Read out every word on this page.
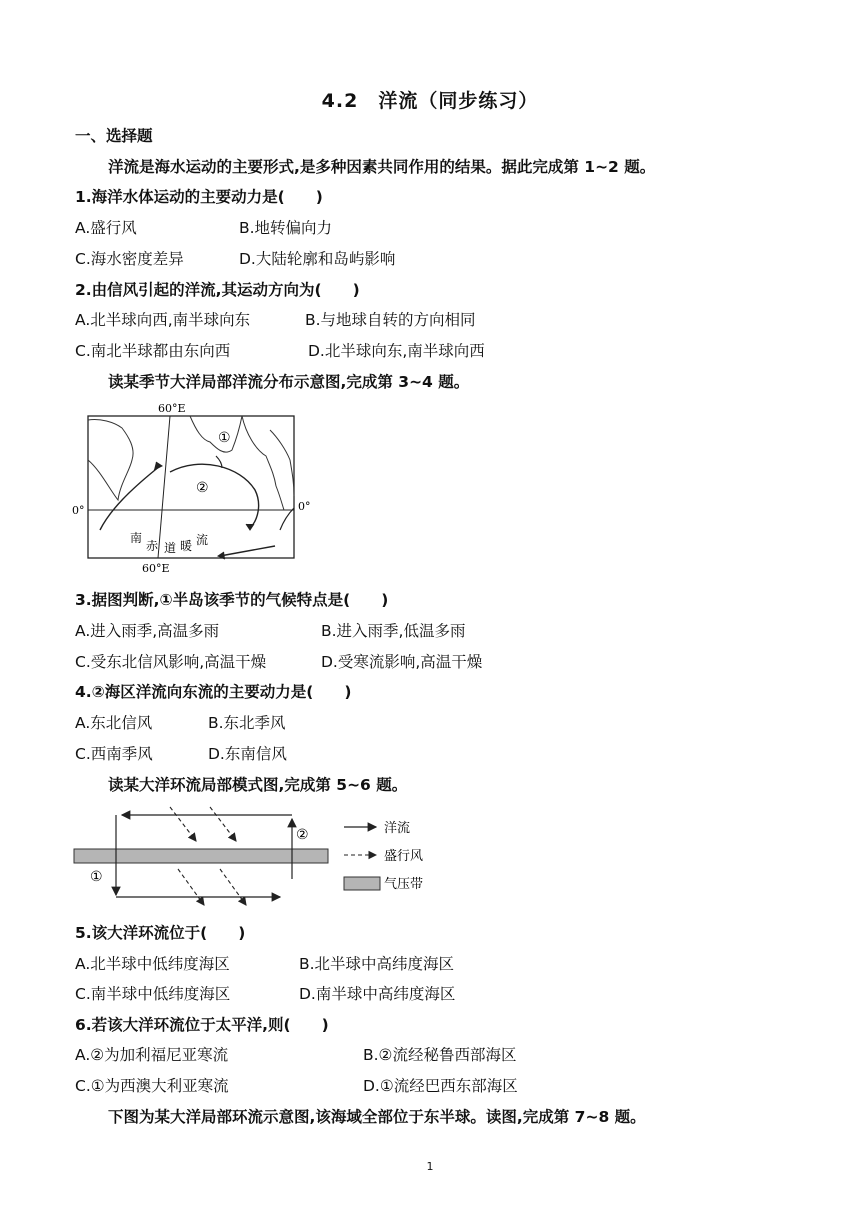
4.2　洋流（同步练习）
一、选择题
洋流是海水运动的主要形式,是多种因素共同作用的结果。据此完成第 1~2 题。
1.海洋水体运动的主要动力是(　　)
A.盛行风	B.地转偏向力
C.海水密度差异	D.大陆轮廓和岛屿影响
2.由信风引起的洋流,其运动方向为(　　)
A.北半球向西,南半球向东	B.与地球自转的方向相同
C.南北半球都由东向西	D.北半球向东,南半球向西
读某季节大洋局部洋流分布示意图,完成第 3~4 题。
60°E
60°E
0°	0°
①
②
南
赤 道 暖 流
3.据图判断,①半岛该季节的气候特点是(　　)
A.进入雨季,高温多雨	B.进入雨季,低温多雨
C.受东北信风影响,高温干燥	D.受寒流影响,高温干燥
4.②海区洋流向东流的主要动力是(　　)
A.东北信风	B.东北季风
C.西南季风	D.东南信风
读某大洋环流局部模式图,完成第 5~6 题。
②
①
洋流
盛行风
气压带
5.该大洋环流位于(　　)
A.北半球中低纬度海区	B.北半球中高纬度海区
C.南半球中低纬度海区	D.南半球中高纬度海区
6.若该大洋环流位于太平洋,则(　　)
A.②为加利福尼亚寒流	B.②流经秘鲁西部海区
C.①为西澳大利亚寒流	D.①流经巴西东部海区
下图为某大洋局部环流示意图,该海域全部位于东半球。读图,完成第 7~8 题。
1
